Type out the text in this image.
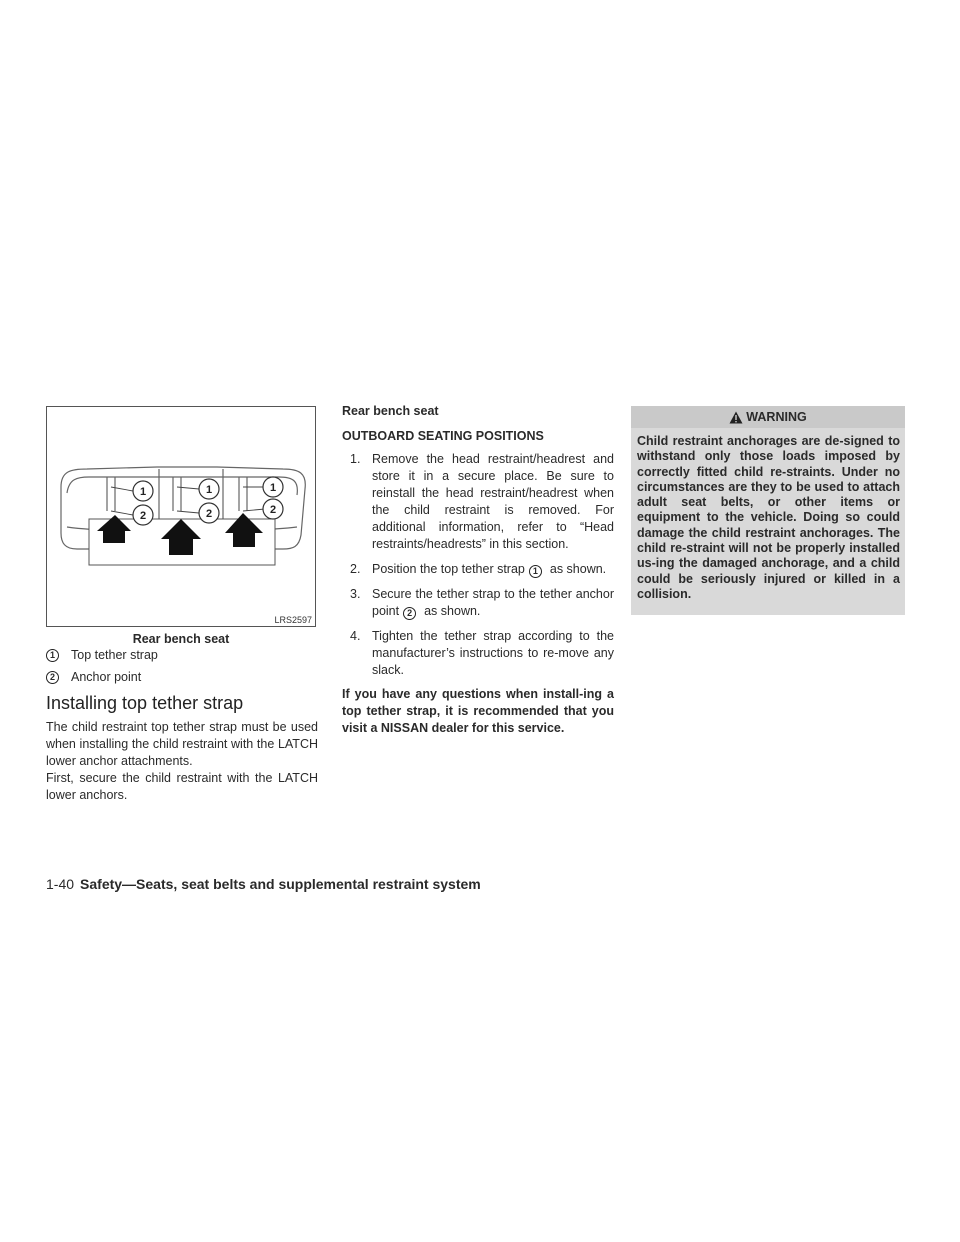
1
2
1
2
1
2
LRS2597
Rear bench seat
1	Top tether strap
2	Anchor point
Installing top tether strap
The child restraint top tether strap must be used when installing the child restraint with the LATCH lower anchor attachments.
First, secure the child restraint with the LATCH lower anchors.
Rear bench seat
OUTBOARD SEATING POSITIONS
1. Remove the head restraint/headrest and store it in a secure place. Be sure to reinstall the head restraint/headrest when the child restraint is removed. For additional information, refer to “Head restraints/headrests” in this section.
2. Position the top tether strap 1 as shown.
3. Secure the tether strap to the tether anchor point 2 as shown.
4. Tighten the tether strap according to the manufacturer’s instructions to re-move any slack.
If you have any questions when install-ing a top tether strap, it is recommended that you visit a NISSAN dealer for this service.
WARNING
Child restraint anchorages are de-signed to withstand only those loads imposed by correctly fitted child re-straints. Under no circumstances are they to be used to attach adult seat belts, or other items or equipment to the vehicle. Doing so could damage the child restraint anchorages. The child re-straint will not be properly installed us-ing the damaged anchorage, and a child could be seriously injured or killed in a collision.
1-40 Safety—Seats, seat belts and supplemental restraint system
